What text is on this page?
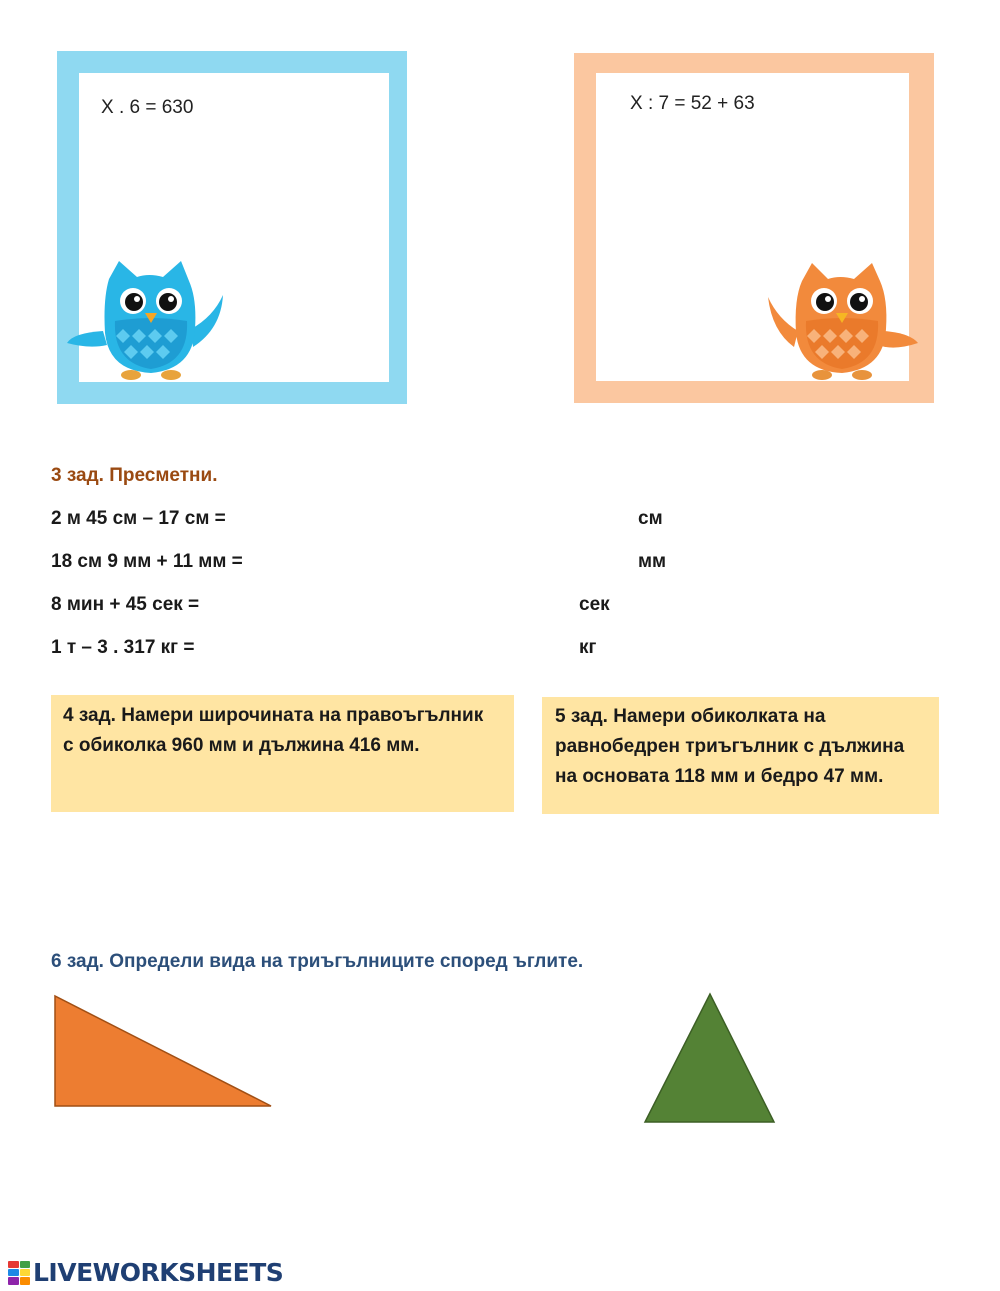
X . 6 = 630	X : 7 = 52 + 63
3 зад. Пресметни.
2 м 45 см – 17 см =	см
18 см 9 мм + 11 мм =	мм
8 мин + 45 сек =	сек
1 т – 3 . 317 кг =	кг
4 зад. Намери широчината на правоъгълник
с обиколка 960 мм и дължина 416 мм.
5 зад. Намери обиколката на
равнобедрен триъгълник с дължина
на основата 118 мм и бедро 47 мм.
6 зад. Определи вида на триъгълниците според ъглите.
LIVEWORKSHEETS
